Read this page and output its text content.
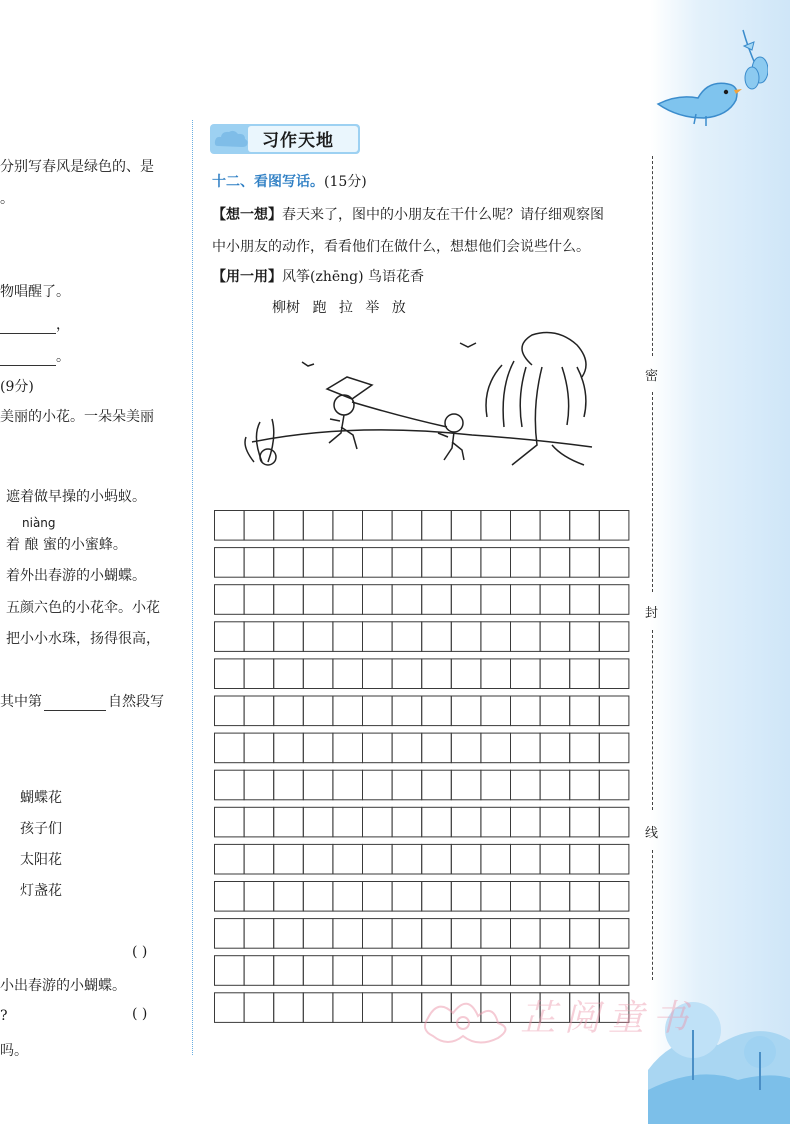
分别写春风是绿色的、是
。
物唱醒了。
，
。
(9分)
美丽的小花。一朵朵美丽
遮着做早操的小蚂蚁。
niàng
着 酿 蜜的小蜜蜂。
着外出春游的小蝴蝶。
五颜六色的小花伞。小花
把小小水珠，扬得很高，
其中第	自然段写
蝴蝶花
孩子们
太阳花
灯盏花
( )
小出春游的小蝴蝶。
?	( )
吗。
习作天地
十二、看图写话。(15分)
【想一想】春天来了，图中的小朋友在干什么呢？请仔细观察图
中小朋友的动作，看看他们在做什么，想想他们会说些什么。
【用一用】风筝(zhēng) 鸟语花香
柳树 跑 拉 举 放
密
封
线
芷阅童书
